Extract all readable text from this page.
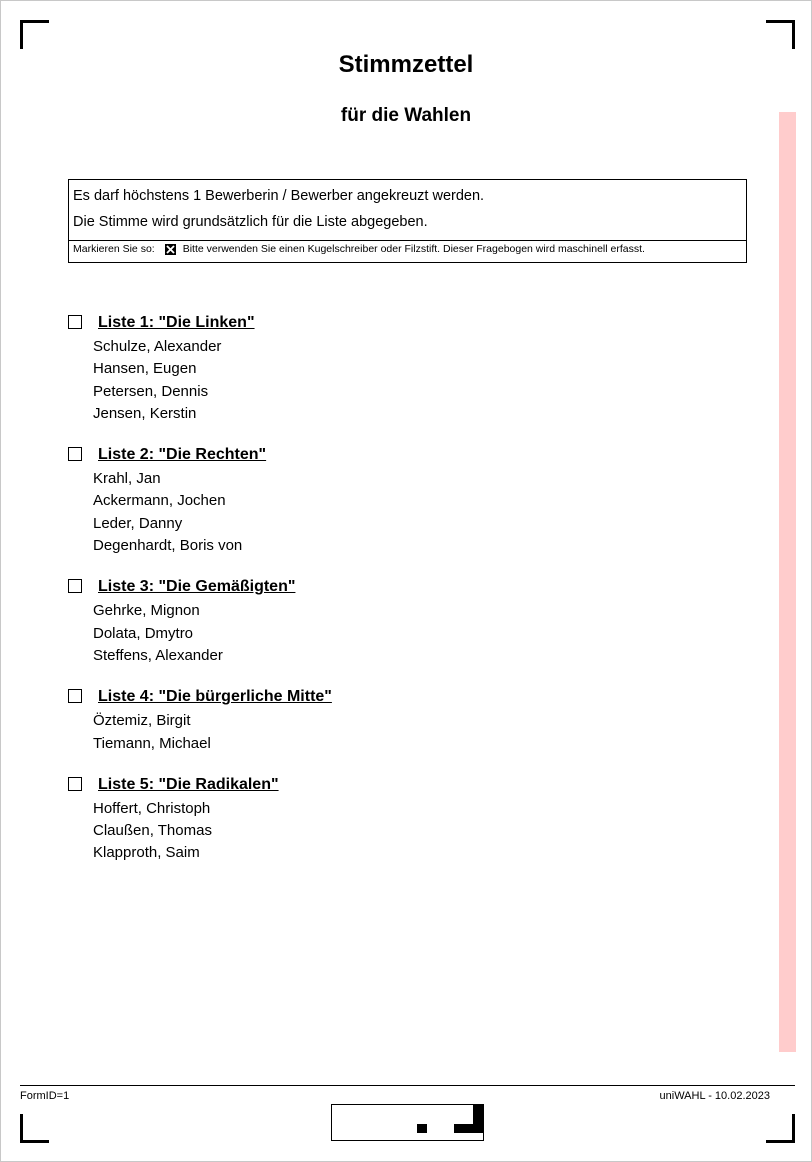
Stimmzettel
für die Wahlen
Es darf höchstens 1 Bewerberin / Bewerber angekreuzt werden.
Die Stimme wird grundsätzlich für die Liste abgegeben.
Markieren Sie so: ☒ Bitte verwenden Sie einen Kugelschreiber oder Filzstift. Dieser Fragebogen wird maschinell erfasst.
Liste 1: "Die Linken"
Schulze, Alexander
Hansen, Eugen
Petersen, Dennis
Jensen, Kerstin
Liste 2: "Die Rechten"
Krahl, Jan
Ackermann, Jochen
Leder, Danny
Degenhardt, Boris von
Liste 3: "Die Gemäßigten"
Gehrke, Mignon
Dolata, Dmytro
Steffens, Alexander
Liste 4: "Die bürgerliche Mitte"
Öztemiz, Birgit
Tiemann, Michael
Liste 5: "Die Radikalen"
Hoffert, Christoph
Claußen, Thomas
Klapproth, Saim
FormID=1	uniWAHL - 10.02.2023
